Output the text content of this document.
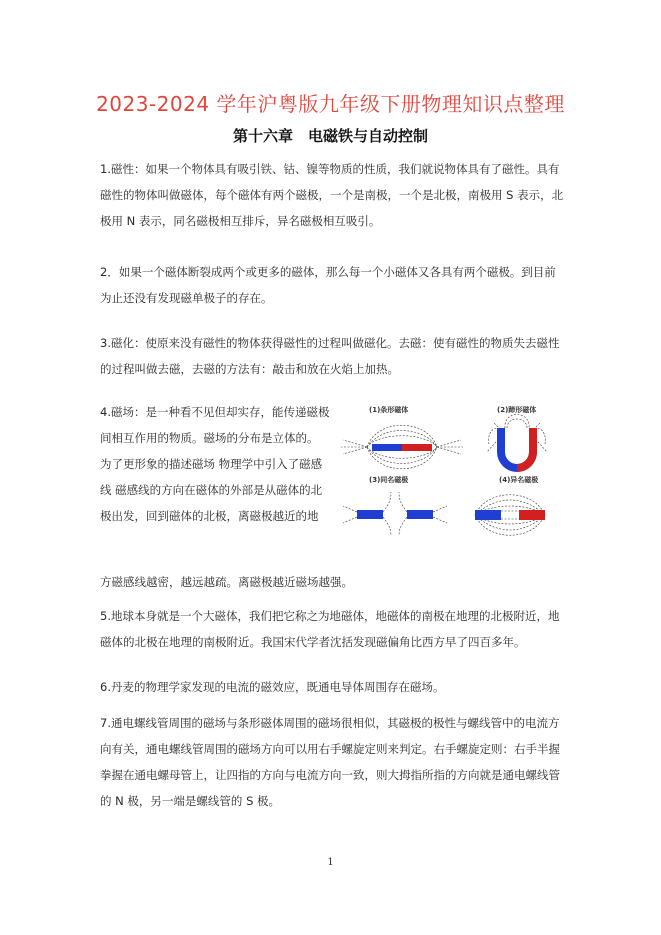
2023-2024 学年沪粤版九年级下册物理知识点整理
第十六章　电磁铁与自动控制
1.磁性：如果一个物体具有吸引铁、钴、镍等物质的性质，我们就说物体具有了磁性。具有
磁性的物体叫做磁体，每个磁体有两个磁极，一个是南极，一个是北极，南极用 S 表示，北
极用 N 表示，同名磁极相互排斥，异名磁极相互吸引。
2．如果一个磁体断裂成两个或更多的磁体，那么每一个小磁体又各具有两个磁极。到目前
为止还没有发现磁单极子的存在。
3.磁化：使原来没有磁性的物体获得磁性的过程叫做磁化。去磁：使有磁性的物质失去磁性
的过程叫做去磁，去磁的方法有：敲击和放在火焰上加热。
4.磁场：是一种看不见但却实存，能传递磁极
间相互作用的物质。磁场的分布是立体的。
为了更形象的描述磁场 物理学中引入了磁感
线 磁感线的方向在磁体的外部是从磁体的北
极出发，回到磁体的北极，离磁极越近的地
方磁感线越密，越远越疏。离磁极越近磁场越强。
(1)条形磁体	(2)蹄形磁体
(3)同名磁极	(4)异名磁极
5.地球本身就是一个大磁体，我们把它称之为地磁体，地磁体的南极在地理的北极附近，地
磁体的北极在地理的南极附近。我国宋代学者沈括发现磁偏角比西方早了四百多年。
6.丹麦的物理学家发现的电流的磁效应，既通电导体周围存在磁场。
7.通电螺线管周围的磁场与条形磁体周围的磁场很相似，其磁极的极性与螺线管中的电流方
向有关，通电螺线管周围的磁场方向可以用右手螺旋定则来判定。右手螺旋定则：右手半握
拳握在通电螺母管上，让四指的方向与电流方向一致，则大拇指所指的方向就是通电螺线管
的 N 极，另一端是螺线管的 S 极。
1
